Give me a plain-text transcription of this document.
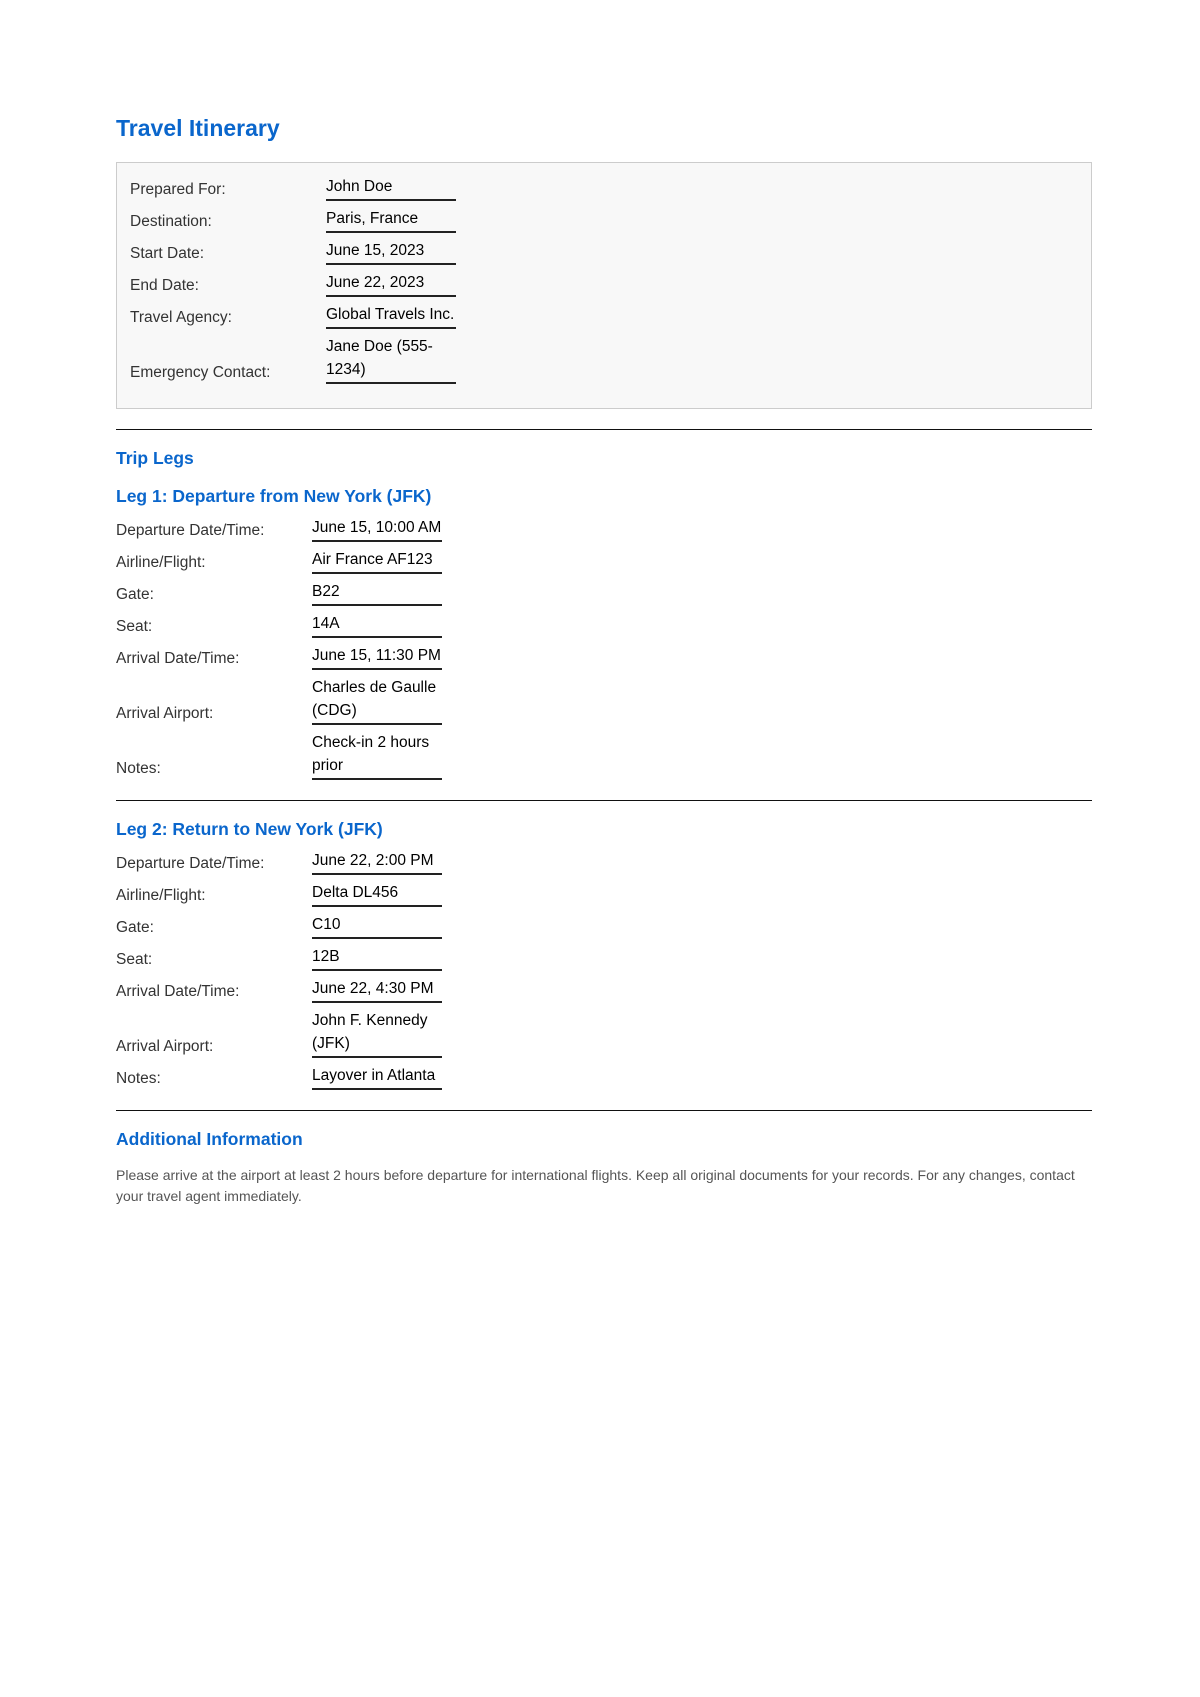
Travel Itinerary
Prepared For:	John Doe
Destination:	Paris, France
Start Date:	June 15, 2023
End Date:	June 22, 2023
Travel Agency:	Global Travels Inc.
Emergency Contact:
Jane Doe (555-1234)
Trip Legs
Leg 1: Departure from New York (JFK)
Departure Date/Time:	June 15, 10:00 AM
Airline/Flight:	Air France AF123
Gate:	B22
Seat:	14A
Arrival Date/Time:	June 15, 11:30 PM
Arrival Airport:
Charles de Gaulle (CDG)
Notes:
Check-in 2 hours prior
Leg 2: Return to New York (JFK)
Departure Date/Time:	June 22, 2:00 PM
Airline/Flight:	Delta DL456
Gate:	C10
Seat:	12B
Arrival Date/Time:	June 22, 4:30 PM
Arrival Airport:
John F. Kennedy (JFK)
Notes:	Layover in Atlanta
Additional Information

Please arrive at the airport at least 2 hours before departure for international flights. Keep all original documents for your records. For any changes, contact your travel agent immediately.
